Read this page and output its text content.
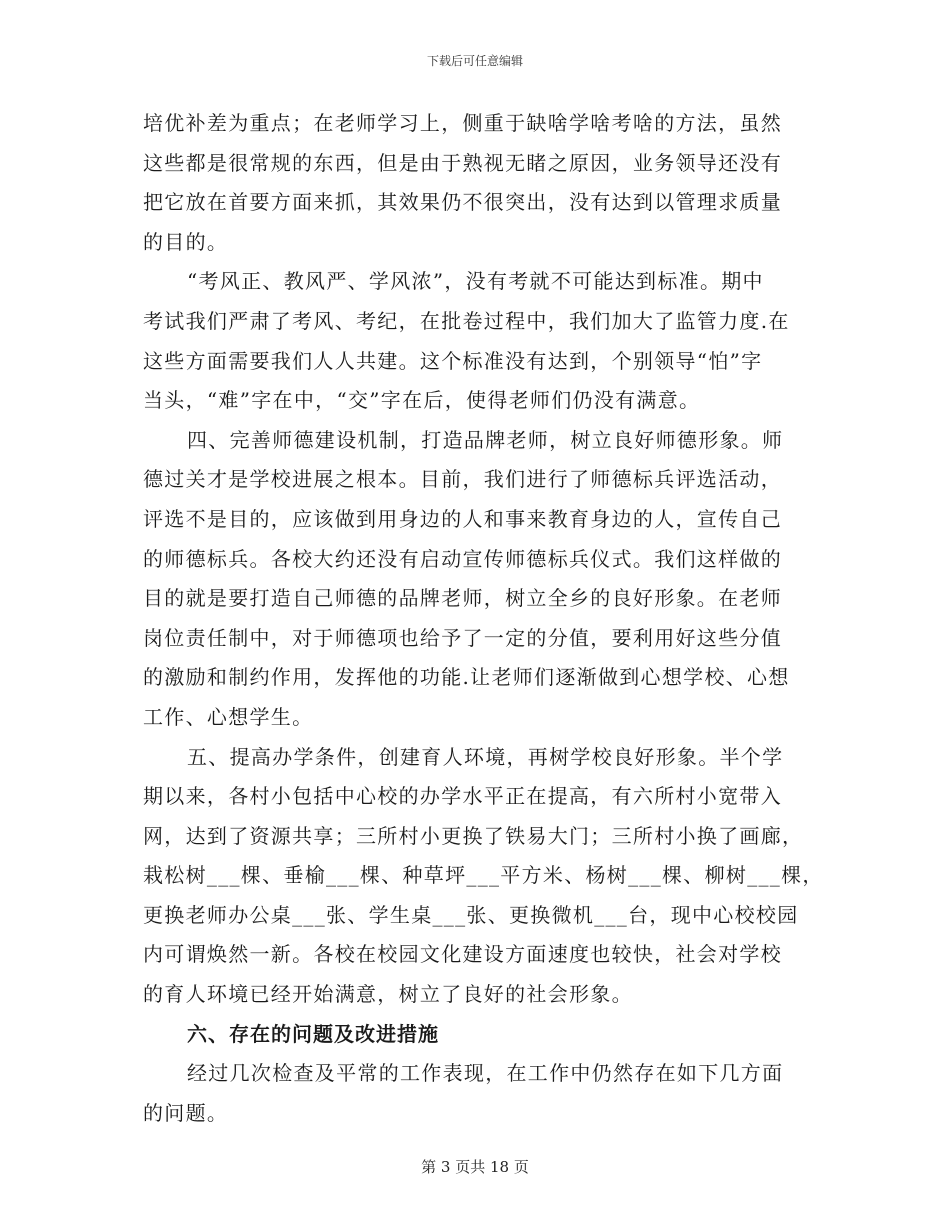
下载后可任意编辑
培优补差为重点；在老师学习上，侧重于缺啥学啥考啥的方法，虽然
这些都是很常规的东西，但是由于熟视无睹之原因，业务领导还没有
把它放在首要方面来抓，其效果仍不很突出，没有达到以管理求质量
的目的。
“考风正、教风严、学风浓”，没有考就不可能达到标准。期中
考试我们严肃了考风、考纪，在批卷过程中，我们加大了监管力度.在
这些方面需要我们人人共建。这个标准没有达到，个别领导“怕”字
当头，“难”字在中，“交”字在后，使得老师们仍没有满意。
四、完善师德建设机制，打造品牌老师，树立良好师德形象。师
德过关才是学校进展之根本。目前，我们进行了师德标兵评选活动，
评选不是目的，应该做到用身边的人和事来教育身边的人，宣传自己
的师德标兵。各校大约还没有启动宣传师德标兵仪式。我们这样做的
目的就是要打造自己师德的品牌老师，树立全乡的良好形象。在老师
岗位责任制中，对于师德项也给予了一定的分值，要利用好这些分值
的激励和制约作用，发挥他的功能.让老师们逐渐做到心想学校、心想
工作、心想学生。
五、提高办学条件，创建育人环境，再树学校良好形象。半个学
期以来，各村小包括中心校的办学水平正在提高，有六所村小宽带入
网，达到了资源共享；三所村小更换了铁易大门；三所村小换了画廊，
栽松树___棵、垂榆___棵、种草坪___平方米、杨树___棵、柳树___棵，
更换老师办公桌___张、学生桌___张、更换微机___台，现中心校校园
内可谓焕然一新。各校在校园文化建设方面速度也较快，社会对学校
的育人环境已经开始满意，树立了良好的社会形象。
六、存在的问题及改进措施
经过几次检查及平常的工作表现，在工作中仍然存在如下几方面
的问题。
第 3 页共 18 页
